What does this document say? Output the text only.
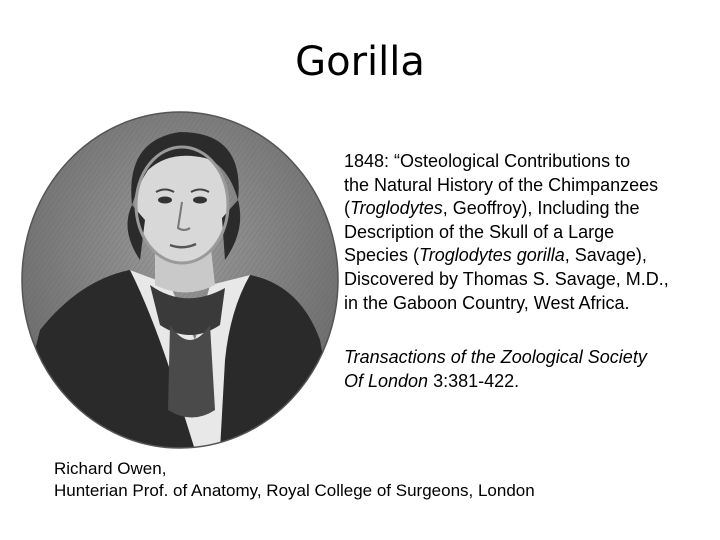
Gorilla
1848: “Osteological Contributions to
the Natural History of the Chimpanzees
(Troglodytes, Geoffroy), Including the
Description of the Skull of a Large
Species (Troglodytes gorilla, Savage),
Discovered by Thomas S. Savage, M.D.,
in the Gaboon Country, West Africa.
Transactions of the Zoological Society
Of London 3:381-422.
Richard Owen,
Hunterian Prof. of Anatomy, Royal College of Surgeons, London
